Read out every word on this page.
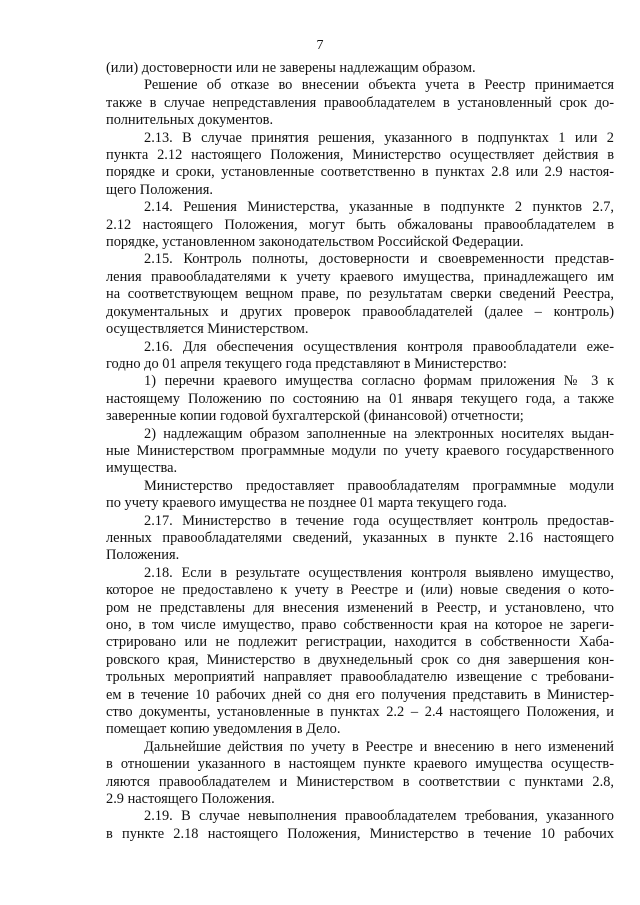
7
(или) достоверности или не заверены надлежащим образом.
Решение об отказе во внесении объекта учета в Реестр принимается
также в случае непредставления правообладателем в установленный срок до-
полнительных документов.
2.13. В случае принятия решения, указанного в подпунктах 1 или 2
пункта 2.12 настоящего Положения, Министерство осуществляет действия в
порядке и сроки, установленные соответственно в пунктах 2.8 или 2.9 настоя-
щего Положения.
2.14. Решения Министерства, указанные в подпункте 2 пунктов 2.7,
2.12 настоящего Положения, могут быть обжалованы правообладателем в
порядке, установленном законодательством Российской Федерации.
2.15. Контроль полноты, достоверности и своевременности представ-
ления правообладателями к учету краевого имущества, принадлежащего им
на соответствующем вещном праве, по результатам сверки сведений Реестра,
документальных и других проверок правообладателей (далее – контроль)
осуществляется Министерством.
2.16. Для обеспечения осуществления контроля правообладатели еже-
годно до 01 апреля текущего года представляют в Министерство:
1) перечни краевого имущества согласно формам приложения № 3 к
настоящему Положению по состоянию на 01 января текущего года, а также
заверенные копии годовой бухгалтерской (финансовой) отчетности;
2) надлежащим образом заполненные на электронных носителях выдан-
ные Министерством программные модули по учету краевого государственного
имущества.
Министерство предоставляет правообладателям программные модули
по учету краевого имущества не позднее 01 марта текущего года.
2.17. Министерство в течение года осуществляет контроль предостав-
ленных правообладателями сведений, указанных в пункте 2.16 настоящего
Положения.
2.18. Если в результате осуществления контроля выявлено имущество,
которое не предоставлено к учету в Реестре и (или) новые сведения о кото-
ром не представлены для внесения изменений в Реестр, и установлено, что
оно, в том числе имущество, право собственности края на которое не зареги-
стрировано или не подлежит регистрации, находится в собственности Хаба-
ровского края, Министерство в двухнедельный срок со дня завершения кон-
трольных мероприятий направляет правообладателю извещение с требовани-
ем в течение 10 рабочих дней со дня его получения представить в Министер-
ство документы, установленные в пунктах 2.2 – 2.4 настоящего Положения, и
помещает копию уведомления в Дело.
Дальнейшие действия по учету в Реестре и внесению в него изменений
в отношении указанного в настоящем пункте краевого имущества осуществ-
ляются правообладателем и Министерством в соответствии с пунктами 2.8,
2.9 настоящего Положения.
2.19. В случае невыполнения правообладателем требования, указанного
в пункте 2.18 настоящего Положения, Министерство в течение 10 рабочих
